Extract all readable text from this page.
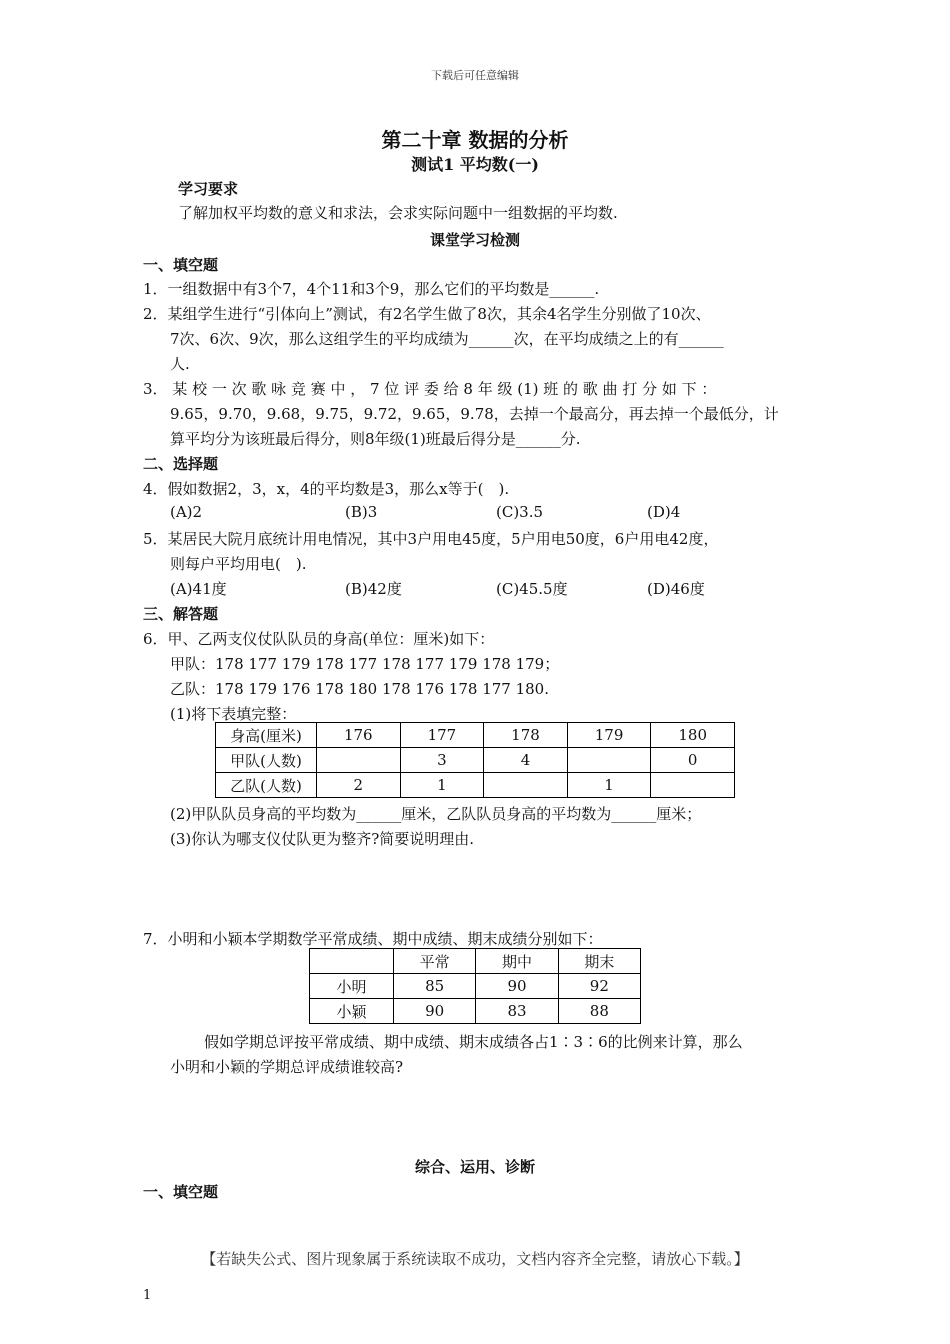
下载后可任意编辑
第二十章 数据的分析
测试1 平均数(一)
学习要求
了解加权平均数的意义和求法，会求实际问题中一组数据的平均数.
课堂学习检测
一、填空题
1．一组数据中有3个7，4个11和3个9，那么它们的平均数是______.
2．某组学生进行“引体向上”测试，有2名学生做了8次，其余4名学生分别做了10次、
7次、6次、9次，那么这组学生的平均成绩为______次，在平均成绩之上的有______
人.
3． 某 校 一 次 歌 咏 竞 赛 中 ， 7 位 评 委 给 8 年 级 (1) 班 的 歌 曲 打 分 如 下 ：
9.65，9.70，9.68，9.75，9.72，9.65，9.78，去掉一个最高分，再去掉一个最低分，计
算平均分为该班最后得分，则8年级(1)班最后得分是______分.
二、选择题
4．假如数据2，3，x，4的平均数是3，那么x等于(　).
(A)2	(B)3	(C)3.5	(D)4
5．某居民大院月底统计用电情况，其中3户用电45度，5户用电50度，6户用电42度，
则每户平均用电(　).
(A)41度	(B)42度	(C)45.5度	(D)46度
三、解答题
6．甲、乙两支仪仗队队员的身高(单位：厘米)如下：
甲队：178 177 179 178 177 178 177 179 178 179；
乙队：178 179 176 178 180 178 176 178 177 180.
(1)将下表填完整：
身高(厘米)	176	177	178	179	180
甲队(人数)		3	4		0
乙队(人数)	2	1		1	
(2)甲队队员身高的平均数为______厘米，乙队队员身高的平均数为______厘米；
(3)你认为哪支仪仗队更为整齐?简要说明理由.
7．小明和小颖本学期数学平常成绩、期中成绩、期末成绩分别如下：
	平常	期中	期末
小明	85	90	92
小颖	90	83	88
假如学期总评按平常成绩、期中成绩、期末成绩各占1∶3∶6的比例来计算，那么
小明和小颖的学期总评成绩谁较高?
综合、运用、诊断
一、填空题
【若缺失公式、图片现象属于系统读取不成功，文档内容齐全完整，请放心下载。】
1
